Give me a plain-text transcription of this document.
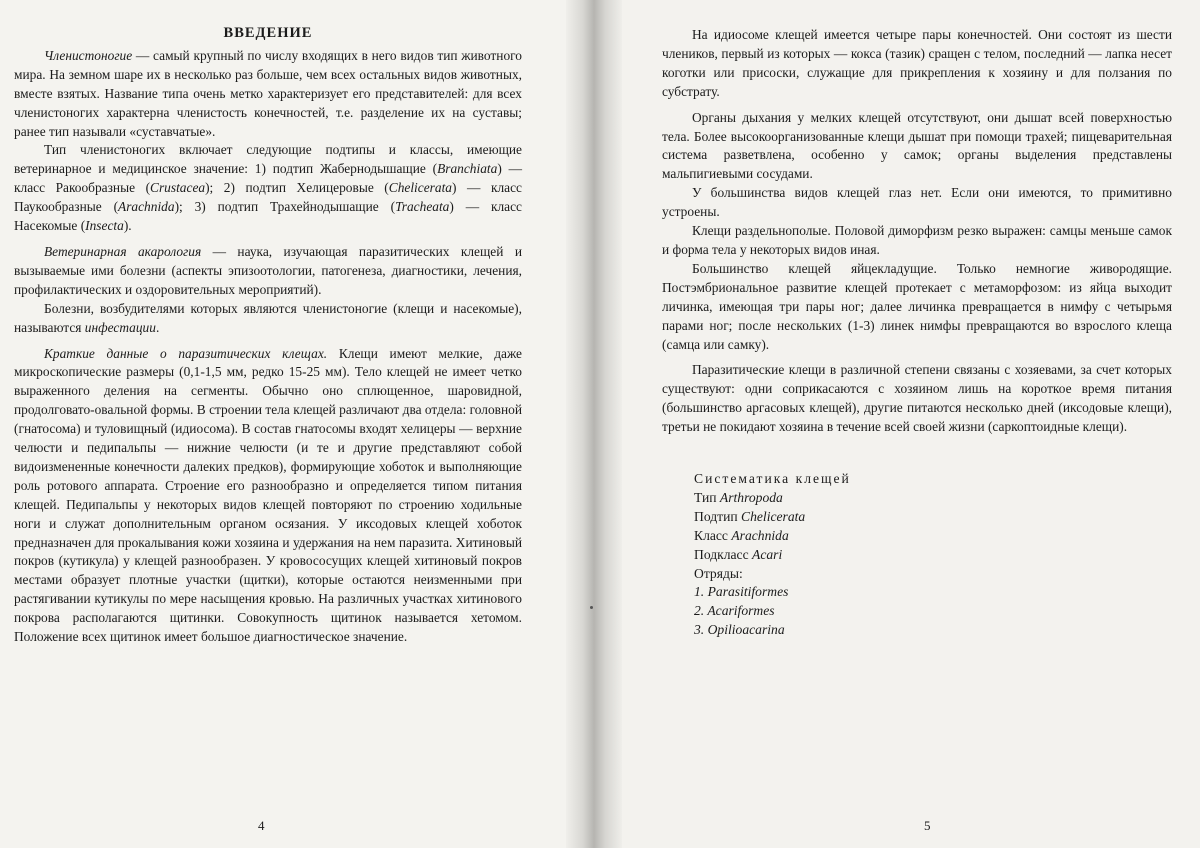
ВВЕДЕНИЕ

Членистоногие — самый крупный по числу входящих в него видов тип животного мира. На земном шаре их в несколько раз больше, чем всех остальных видов животных, вместе взятых. Название типа очень метко характеризует его представителей: для всех членистоногих характерна членистость конечностей, т.е. разделение их на суставы; ранее тип называли «суставчатые».

Тип членистоногих включает следующие подтипы и классы, имеющие ветеринарное и медицинское значение: 1) подтип Жабернодышащие (Branchiata) — класс Ракообразные (Crustacea); 2) подтип Хелицеровые (Chelicerata) — класс Паукообразные (Arachnida); 3) подтип Трахейнодышащие (Tracheata) — класс Насекомые (Insecta).

Ветеринарная акарология — наука, изучающая паразитических клещей и вызываемые ими болезни (аспекты эпизоотологии, патогенеза, диагностики, лечения, профилактических и оздоровительных мероприятий).

Болезни, возбудителями которых являются членистоногие (клещи и насекомые), называются инфестации.

Краткие данные о паразитических клещах. Клещи имеют мелкие, даже микроскопические размеры (0,1-1,5 мм, редко 15-25 мм). Тело клещей не имеет четко выраженного деления на сегменты. Обычно оно сплющенное, шаровидной, продолговато-овальной формы. В строении тела клещей различают два отдела: головной (гнатосома) и туловищный (идиосома). В состав гнатосомы входят хелицеры — верхние челюсти и педипальпы — нижние челюсти (и те и другие представляют собой видоизмененные конечности далеких предков), формирующие хоботок и выполняющие роль ротового аппарата. Строение его разнообразно и определяется типом питания клещей. Педипальпы у некоторых видов клещей повторяют по строению ходильные ноги и служат дополнительным органом осязания. У иксодовых клещей хоботок предназначен для прокалывания кожи хозяина и удержания на нем паразита. Хитиновый покров (кутикула) у клещей разнообразен. У кровососущих клещей хитиновый покров местами образует плотные участки (щитки), которые остаются неизменными при растягивании кутикулы по мере насыщения кровью. На различных участках хитинового покрова располагаются щитинки. Совокупность щитинок называется хетомом. Положение всех щитинок имеет большое диагностическое значение.

4

На идиосоме клещей имеется четыре пары конечностей. Они состоят из шести члеников, первый из которых — кокса (тазик) сращен с телом, последний — лапка несет коготки или присоски, служащие для прикрепления к хозяину и для ползания по субстрату.

Органы дыхания у мелких клещей отсутствуют, они дышат всей поверхностью тела. Более высокоорганизованные клещи дышат при помощи трахей; пищеварительная система разветвлена, особенно у самок; органы выделения представлены мальпигиевыми сосудами.

У большинства видов клещей глаз нет. Если они имеются, то примитивно устроены.

Клещи раздельнополые. Половой диморфизм резко выражен: самцы меньше самок и форма тела у некоторых видов иная.

Большинство клещей яйцекладущие. Только немногие живородящие. Постэмбриональное развитие клещей протекает с метаморфозом: из яйца выходит личинка, имеющая три пары ног; далее личинка превращается в нимфу с четырьмя парами ног; после нескольких (1-3) линек нимфы превращаются во взрослого клеща (самца или самку).

Паразитические клещи в различной степени связаны с хозяевами, за счет которых существуют: одни соприкасаются с хозяином лишь на короткое время питания (большинство аргасовых клещей), другие питаются несколько дней (иксодовые клещи), третьи не покидают хозяина в течение всей своей жизни (саркоптоидные клещи).

Систематика клещей
Тип Arthropoda
Подтип Chelicerata
Класс Arachnida
Подкласс Acari
Отряды:
1. Parasitiformes
2. Acariformes
3. Opilioacarina
5
